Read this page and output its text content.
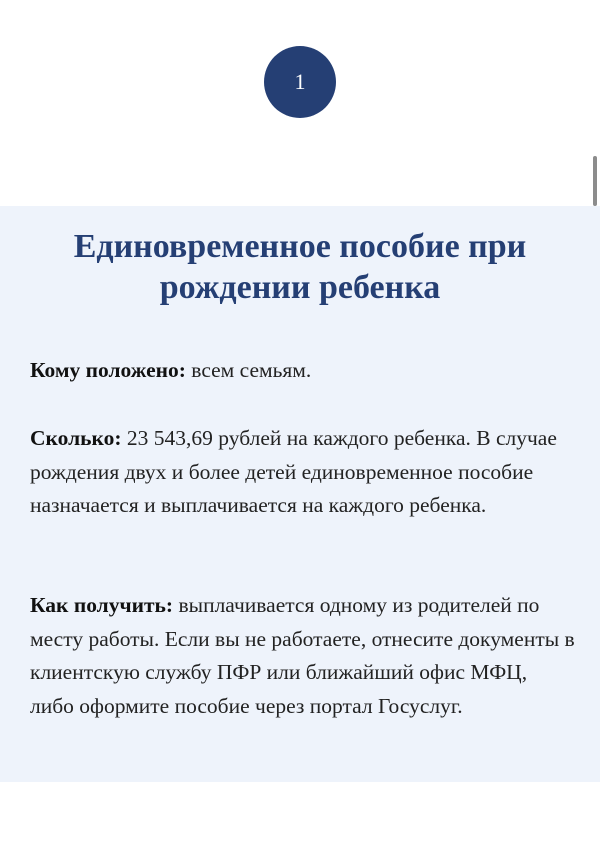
1
Единовременное пособие при рождении ребенка

Кому положено: всем семьям.

Сколько: 23 543,69 рублей на каждого ребенка. В случае рождения двух и более детей единовременное пособие назначается и выплачивается на каждого ребенка.

Как получить: выплачивается одному из родителей по месту работы. Если вы не работаете, отнесите документы в клиентскую службу ПФР или ближайший офис МФЦ, либо оформите пособие через портал Госуслуг.
